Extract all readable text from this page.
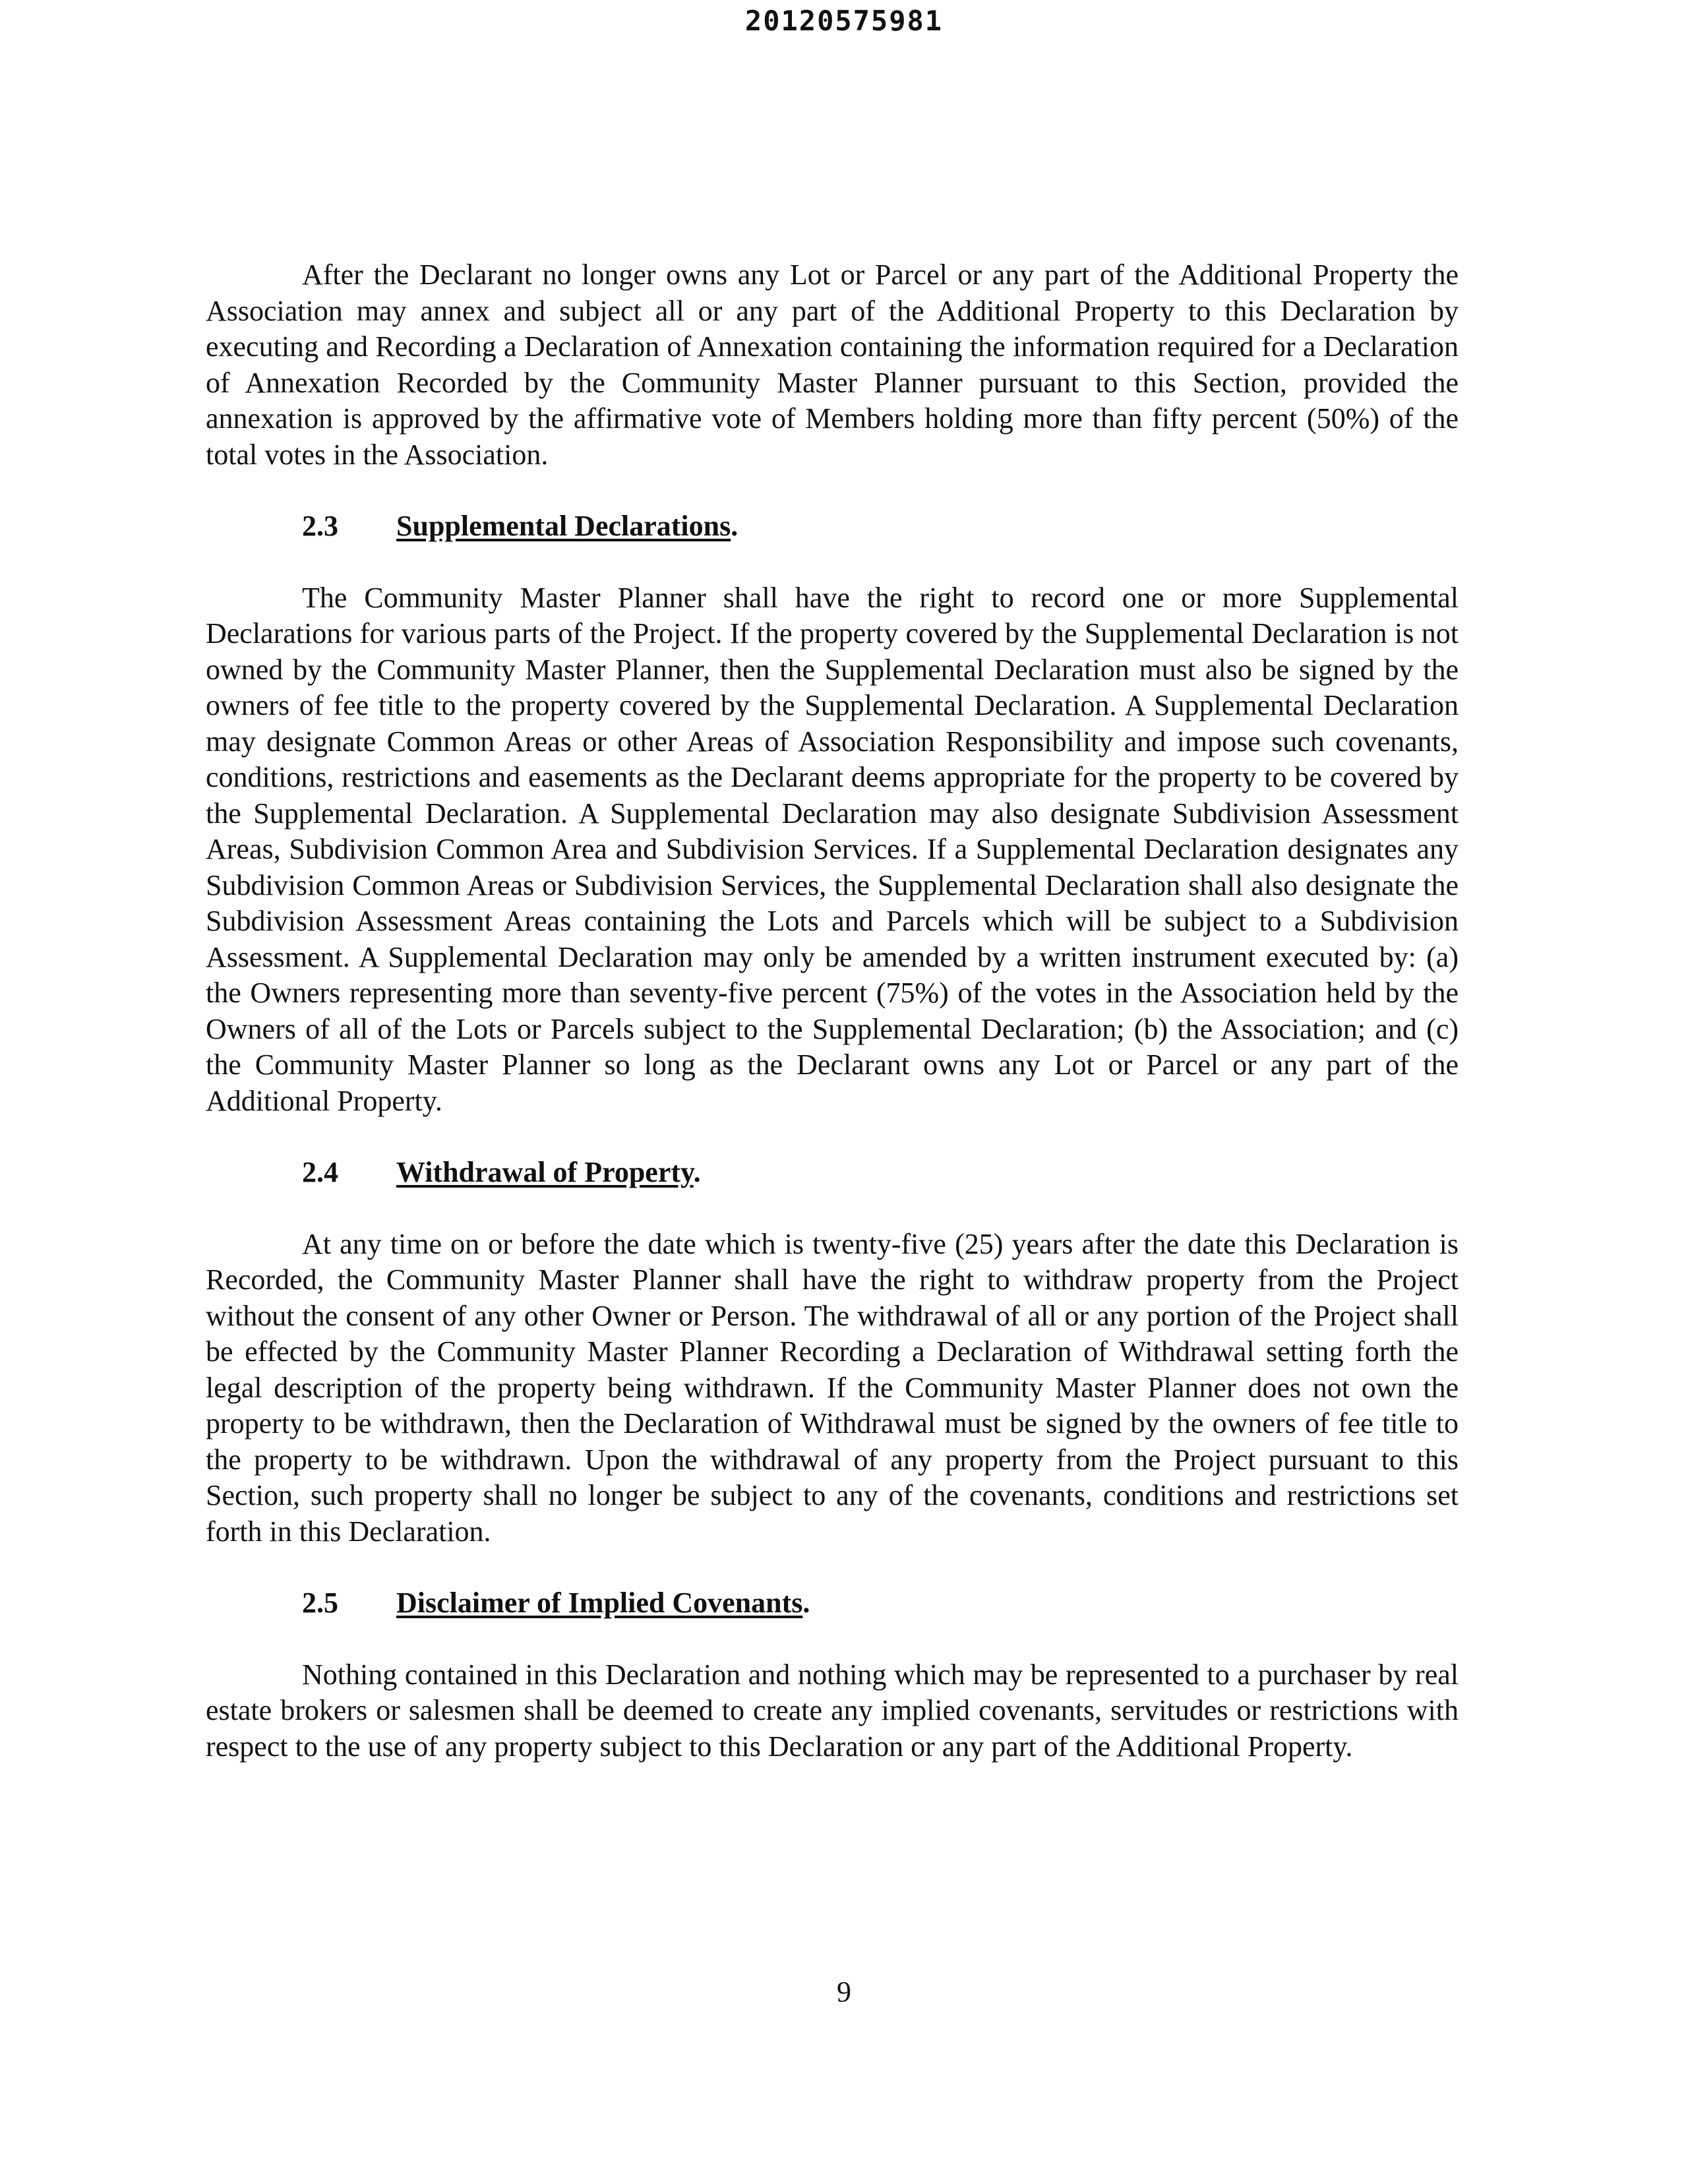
20120575981

After the Declarant no longer owns any Lot or Parcel or any part of the Additional Property the Association may annex and subject all or any part of the Additional Property to this Declaration by executing and Recording a Declaration of Annexation containing the information required for a Declaration of Annexation Recorded by the Community Master Planner pursuant to this Section, provided the annexation is approved by the affirmative vote of Members holding more than fifty percent (50%) of the total votes in the Association.

2.3 Supplemental Declarations.

The Community Master Planner shall have the right to record one or more Supplemental Declarations for various parts of the Project. If the property covered by the Supplemental Declaration is not owned by the Community Master Planner, then the Supplemental Declaration must also be signed by the owners of fee title to the property covered by the Supplemental Declaration. A Supplemental Declaration may designate Common Areas or other Areas of Association Responsibility and impose such covenants, conditions, restrictions and easements as the Declarant deems appropriate for the property to be covered by the Supplemental Declaration. A Supplemental Declaration may also designate Subdivision Assessment Areas, Subdivision Common Area and Subdivision Services. If a Supplemental Declaration designates any Subdivision Common Areas or Subdivision Services, the Supplemental Declaration shall also designate the Subdivision Assessment Areas containing the Lots and Parcels which will be subject to a Subdivision Assessment. A Supplemental Declaration may only be amended by a written instrument executed by: (a) the Owners representing more than seventy-five percent (75%) of the votes in the Association held by the Owners of all of the Lots or Parcels subject to the Supplemental Declaration; (b) the Association; and (c) the Community Master Planner so long as the Declarant owns any Lot or Parcel or any part of the Additional Property.

2.4 Withdrawal of Property.

At any time on or before the date which is twenty-five (25) years after the date this Declaration is Recorded, the Community Master Planner shall have the right to withdraw property from the Project without the consent of any other Owner or Person. The withdrawal of all or any portion of the Project shall be effected by the Community Master Planner Recording a Declaration of Withdrawal setting forth the legal description of the property being withdrawn. If the Community Master Planner does not own the property to be withdrawn, then the Declaration of Withdrawal must be signed by the owners of fee title to the property to be withdrawn. Upon the withdrawal of any property from the Project pursuant to this Section, such property shall no longer be subject to any of the covenants, conditions and restrictions set forth in this Declaration.

2.5 Disclaimer of Implied Covenants.

Nothing contained in this Declaration and nothing which may be represented to a purchaser by real estate brokers or salesmen shall be deemed to create any implied covenants, servitudes or restrictions with respect to the use of any property subject to this Declaration or any part of the Additional Property.

9
